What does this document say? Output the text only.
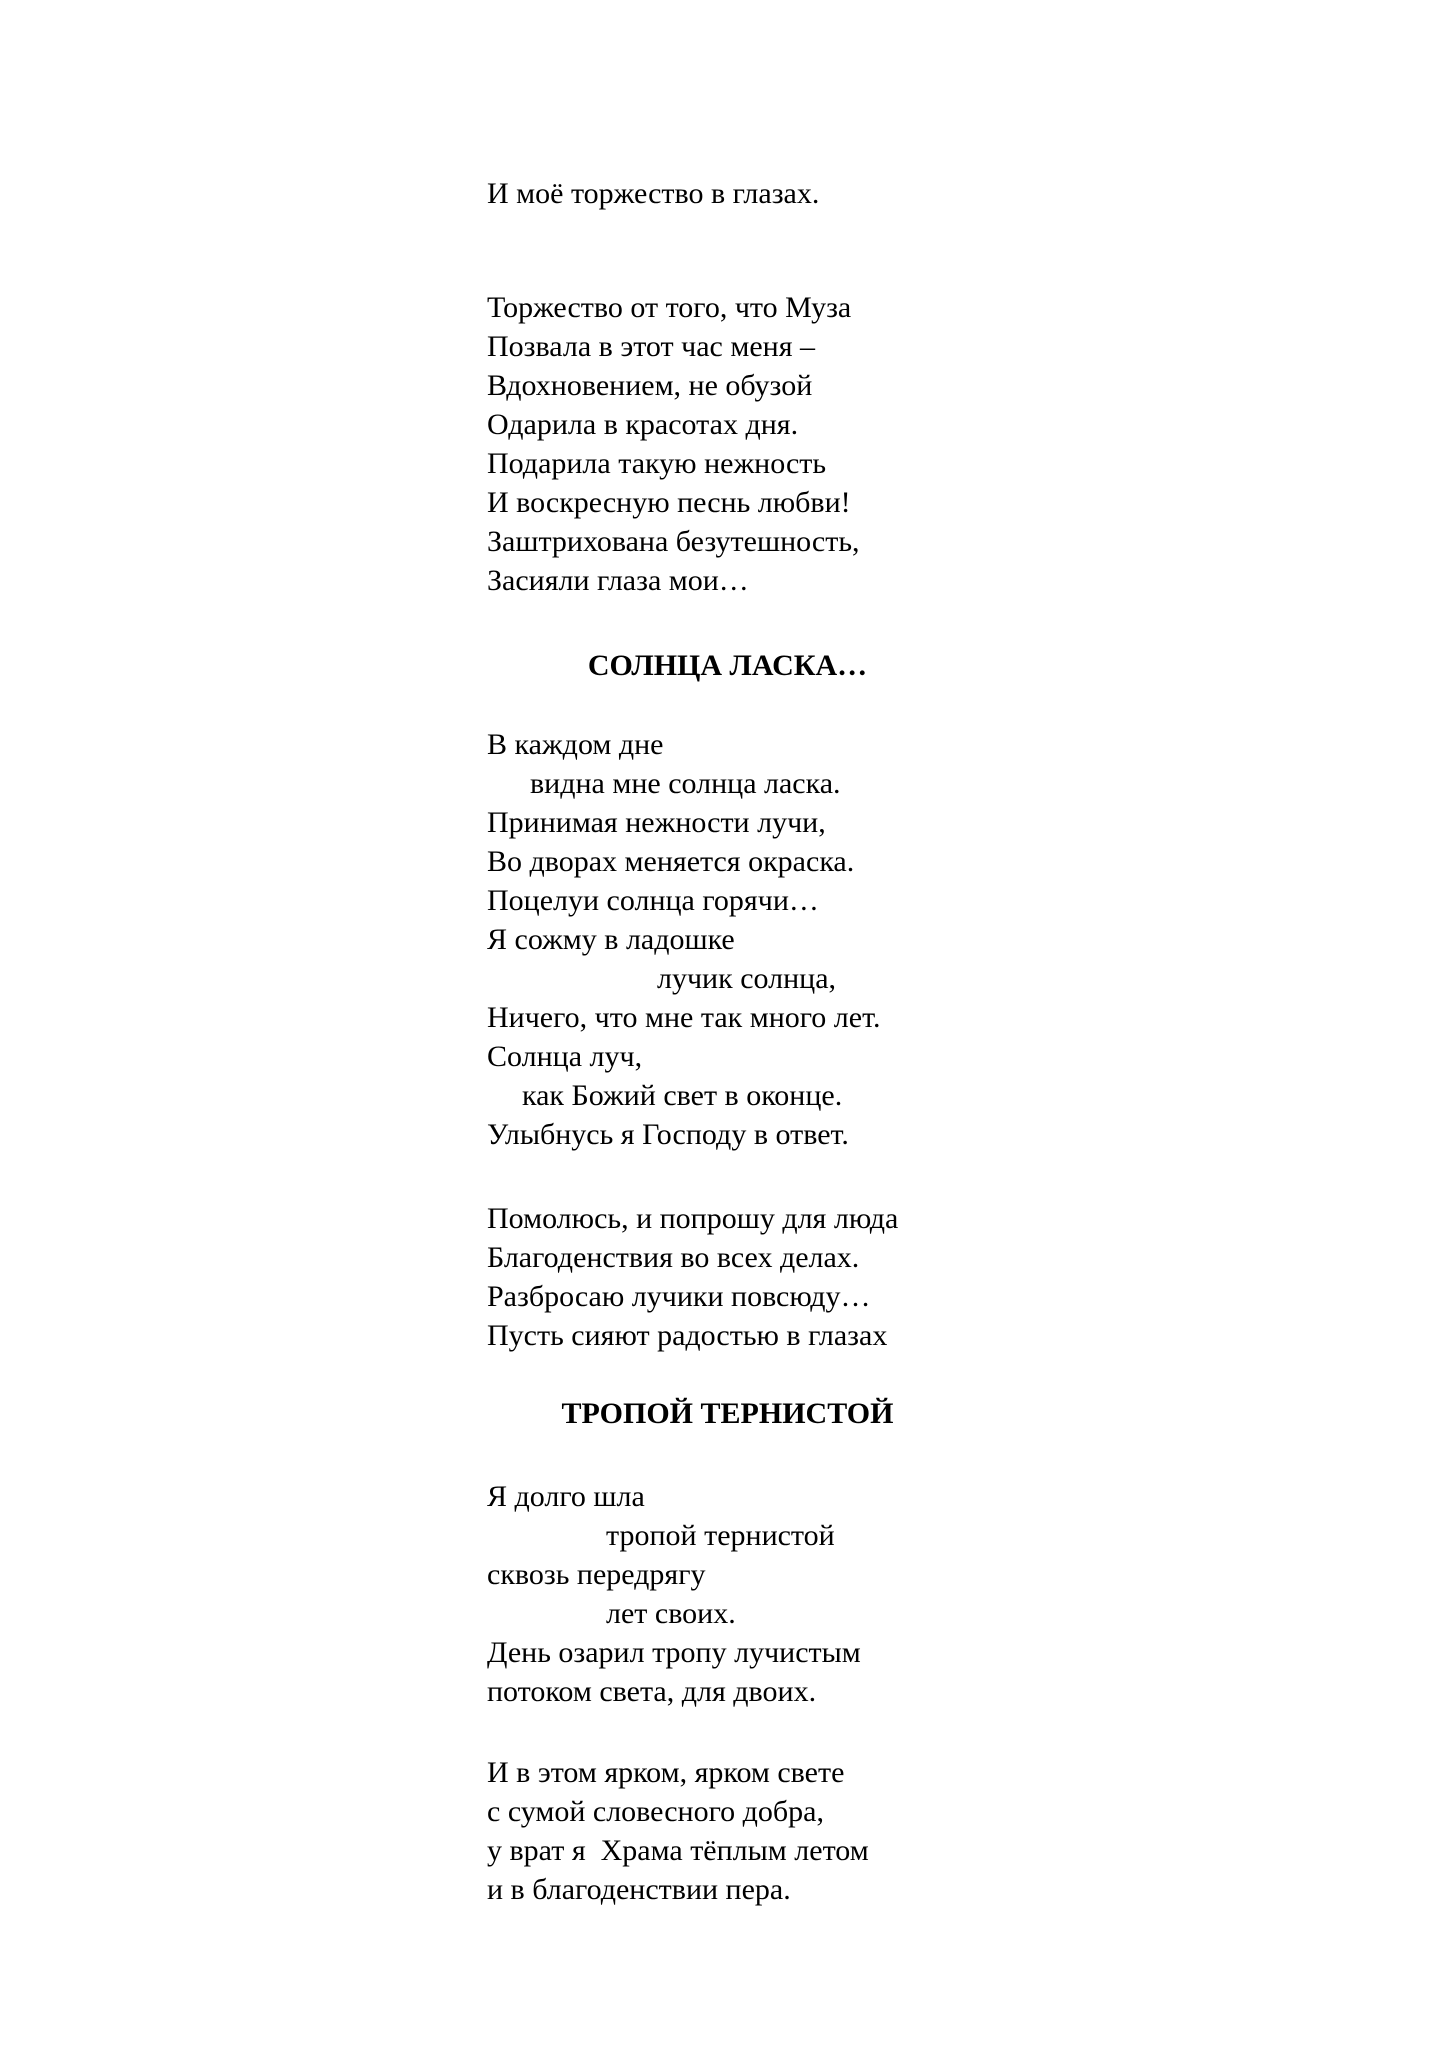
И моё торжество в глазах.
Торжество от того, что Муза
Позвала в этот час меня –
Вдохновением, не обузой
Одарила в красотах дня.
Подарила такую нежность
И воскресную песнь любви!
Заштрихована безутешность,
Засияли глаза мои…
СОЛНЦА ЛАСКА…
В каждом дне
видна мне солнца ласка.
Принимая нежности лучи,
Во дворах меняется окраска.
Поцелуи солнца горячи…
Я сожму в ладошке
лучик солнца,
Ничего, что мне так много лет.
Солнца луч,
как Божий свет в оконце.
Улыбнусь я Господу в ответ.
Помолюсь, и попрошу для люда
Благоденствия во всех делах.
Разбросаю лучики повсюду…
Пусть сияют радостью в глазах
ТРОПОЙ ТЕРНИСТОЙ
Я долго шла
тропой тернистой
сквозь передрягу
лет своих.
День озарил тропу лучистым
потоком света, для двоих.
И в этом ярком, ярком свете
с сумой словесного добра,
у врат я  Храма тёплым летом
и в благоденствии пера.
